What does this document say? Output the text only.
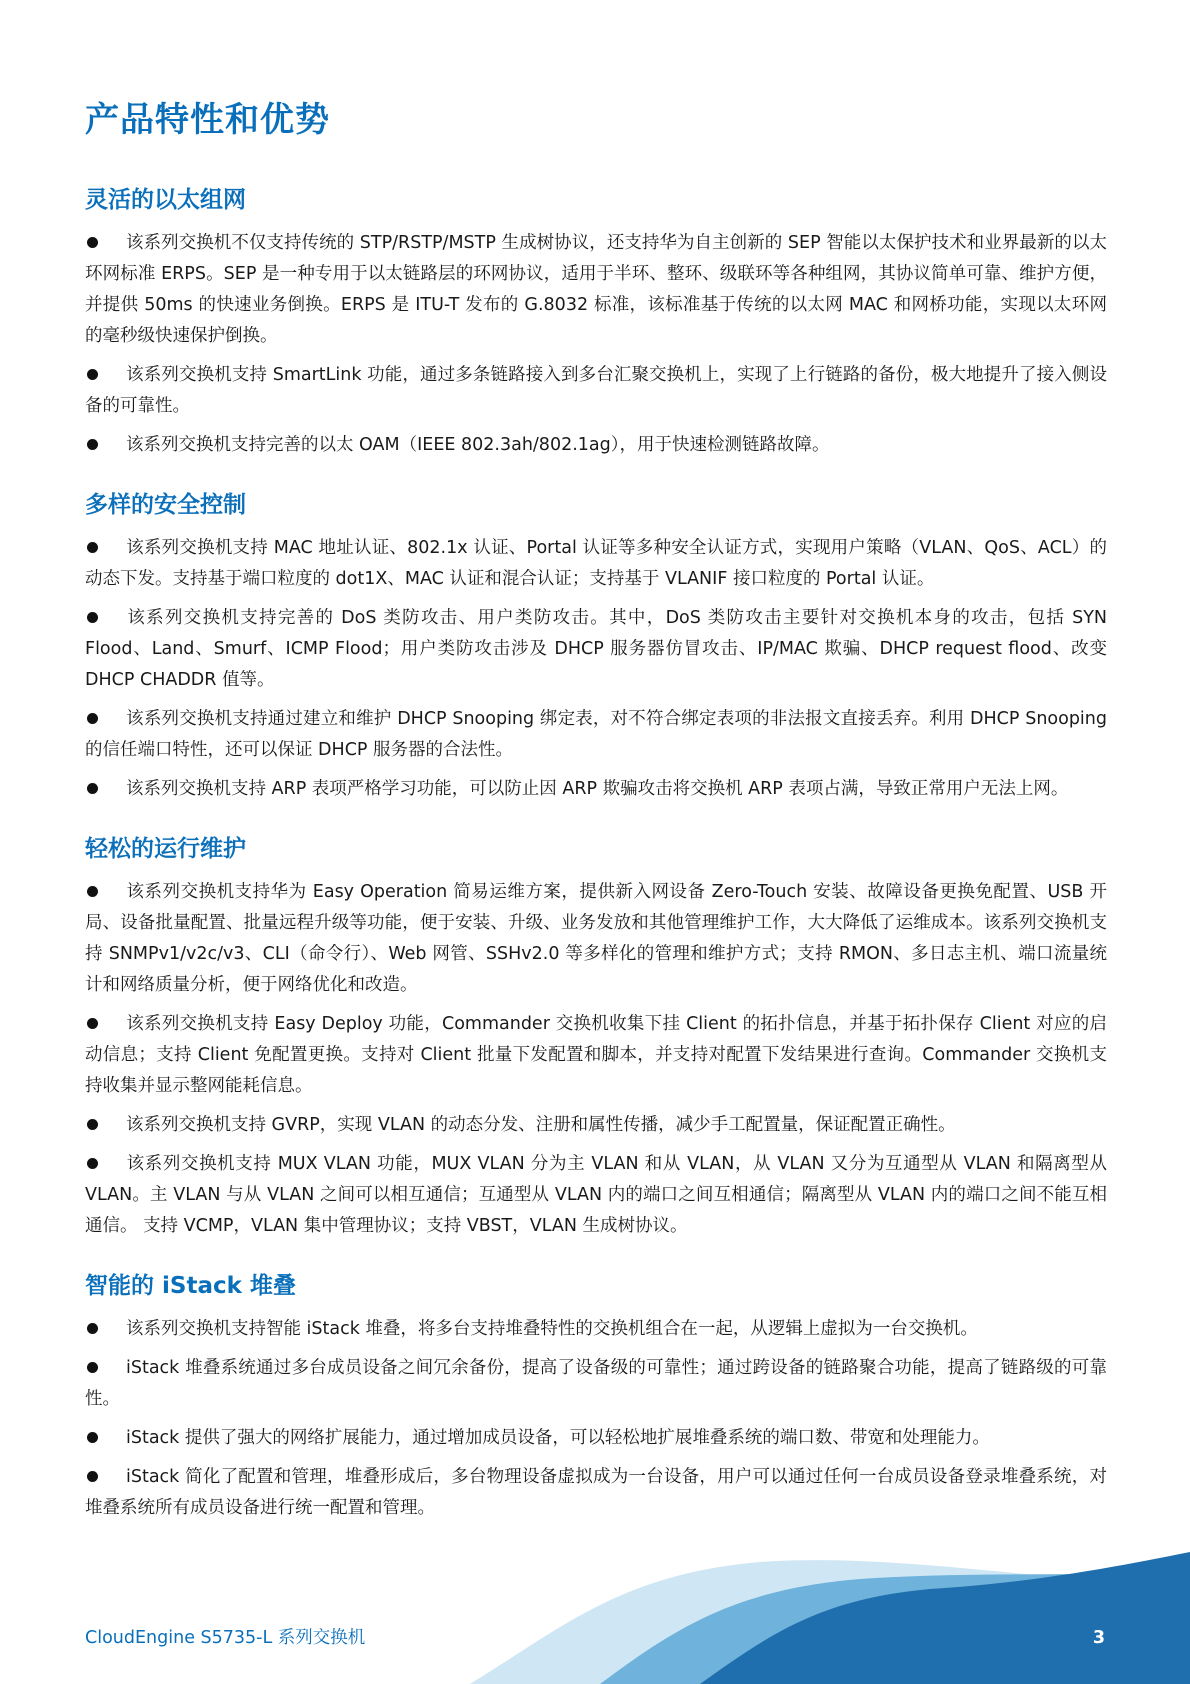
产品特性和优势
灵活的以太组网

该系列交换机不仅支持传统的 STP/RSTP/MSTP 生成树协议，还支持华为自主创新的 SEP 智能以太保护技术和业界最新的以太环网标准 ERPS。SEP 是一种专用于以太链路层的环网协议，适用于半环、整环、级联环等各种组网，其协议简单可靠、维护方便，并提供 50ms 的快速业务倒换。ERPS 是 ITU-T 发布的 G.8032 标准，该标准基于传统的以太网 MAC 和网桥功能，实现以太环网的毫秒级快速保护倒换。

该系列交换机支持 SmartLink 功能，通过多条链路接入到多台汇聚交换机上，实现了上行链路的备份，极大地提升了接入侧设备的可靠性。

该系列交换机支持完善的以太 OAM（IEEE 802.3ah/802.1ag），用于快速检测链路故障。

多样的安全控制

该系列交换机支持 MAC 地址认证、802.1x 认证、Portal 认证等多种安全认证方式，实现用户策略（VLAN、QoS、ACL）的动态下发。支持基于端口粒度的 dot1X、MAC 认证和混合认证；支持基于 VLANIF 接口粒度的 Portal 认证。

该系列交换机支持完善的 DoS 类防攻击、用户类防攻击。其中，DoS 类防攻击主要针对交换机本身的攻击，包括 SYN Flood、Land、Smurf、ICMP Flood；用户类防攻击涉及 DHCP 服务器仿冒攻击、IP/MAC 欺骗、DHCP request flood、改变 DHCP CHADDR 值等。

该系列交换机支持通过建立和维护 DHCP Snooping 绑定表，对不符合绑定表项的非法报文直接丢弃。利用 DHCP Snooping 的信任端口特性，还可以保证 DHCP 服务器的合法性。

该系列交换机支持 ARP 表项严格学习功能，可以防止因 ARP 欺骗攻击将交换机 ARP 表项占满，导致正常用户无法上网。

轻松的运行维护

该系列交换机支持华为 Easy Operation 简易运维方案，提供新入网设备 Zero-Touch 安装、故障设备更换免配置、USB 开局、设备批量配置、批量远程升级等功能，便于安装、升级、业务发放和其他管理维护工作，大大降低了运维成本。该系列交换机支持 SNMPv1/v2c/v3、CLI（命令行）、Web 网管、SSHv2.0 等多样化的管理和维护方式；支持 RMON、多日志主机、端口流量统计和网络质量分析，便于网络优化和改造。

该系列交换机支持 Easy Deploy 功能，Commander 交换机收集下挂 Client 的拓扑信息，并基于拓扑保存 Client 对应的启动信息；支持 Client 免配置更换。支持对 Client 批量下发配置和脚本，并支持对配置下发结果进行查询。Commander 交换机支持收集并显示整网能耗信息。

该系列交换机支持 GVRP，实现 VLAN 的动态分发、注册和属性传播，减少手工配置量，保证配置正确性。

该系列交换机支持 MUX VLAN 功能，MUX VLAN 分为主 VLAN 和从 VLAN，从 VLAN 又分为互通型从 VLAN 和隔离型从 VLAN。主 VLAN 与从 VLAN 之间可以相互通信；互通型从 VLAN 内的端口之间互相通信；隔离型从 VLAN 内的端口之间不能互相通信。 支持 VCMP，VLAN 集中管理协议；支持 VBST，VLAN 生成树协议。

智能的 iStack 堆叠

该系列交换机支持智能 iStack 堆叠，将多台支持堆叠特性的交换机组合在一起，从逻辑上虚拟为一台交换机。

iStack 堆叠系统通过多台成员设备之间冗余备份，提高了设备级的可靠性；通过跨设备的链路聚合功能，提高了链路级的可靠性。

iStack 提供了强大的网络扩展能力，通过增加成员设备，可以轻松地扩展堆叠系统的端口数、带宽和处理能力。

iStack 简化了配置和管理，堆叠形成后，多台物理设备虚拟成为一台设备，用户可以通过任何一台成员设备登录堆叠系统，对堆叠系统所有成员设备进行统一配置和管理。

CloudEngine S5735-L 系列交换机	3
